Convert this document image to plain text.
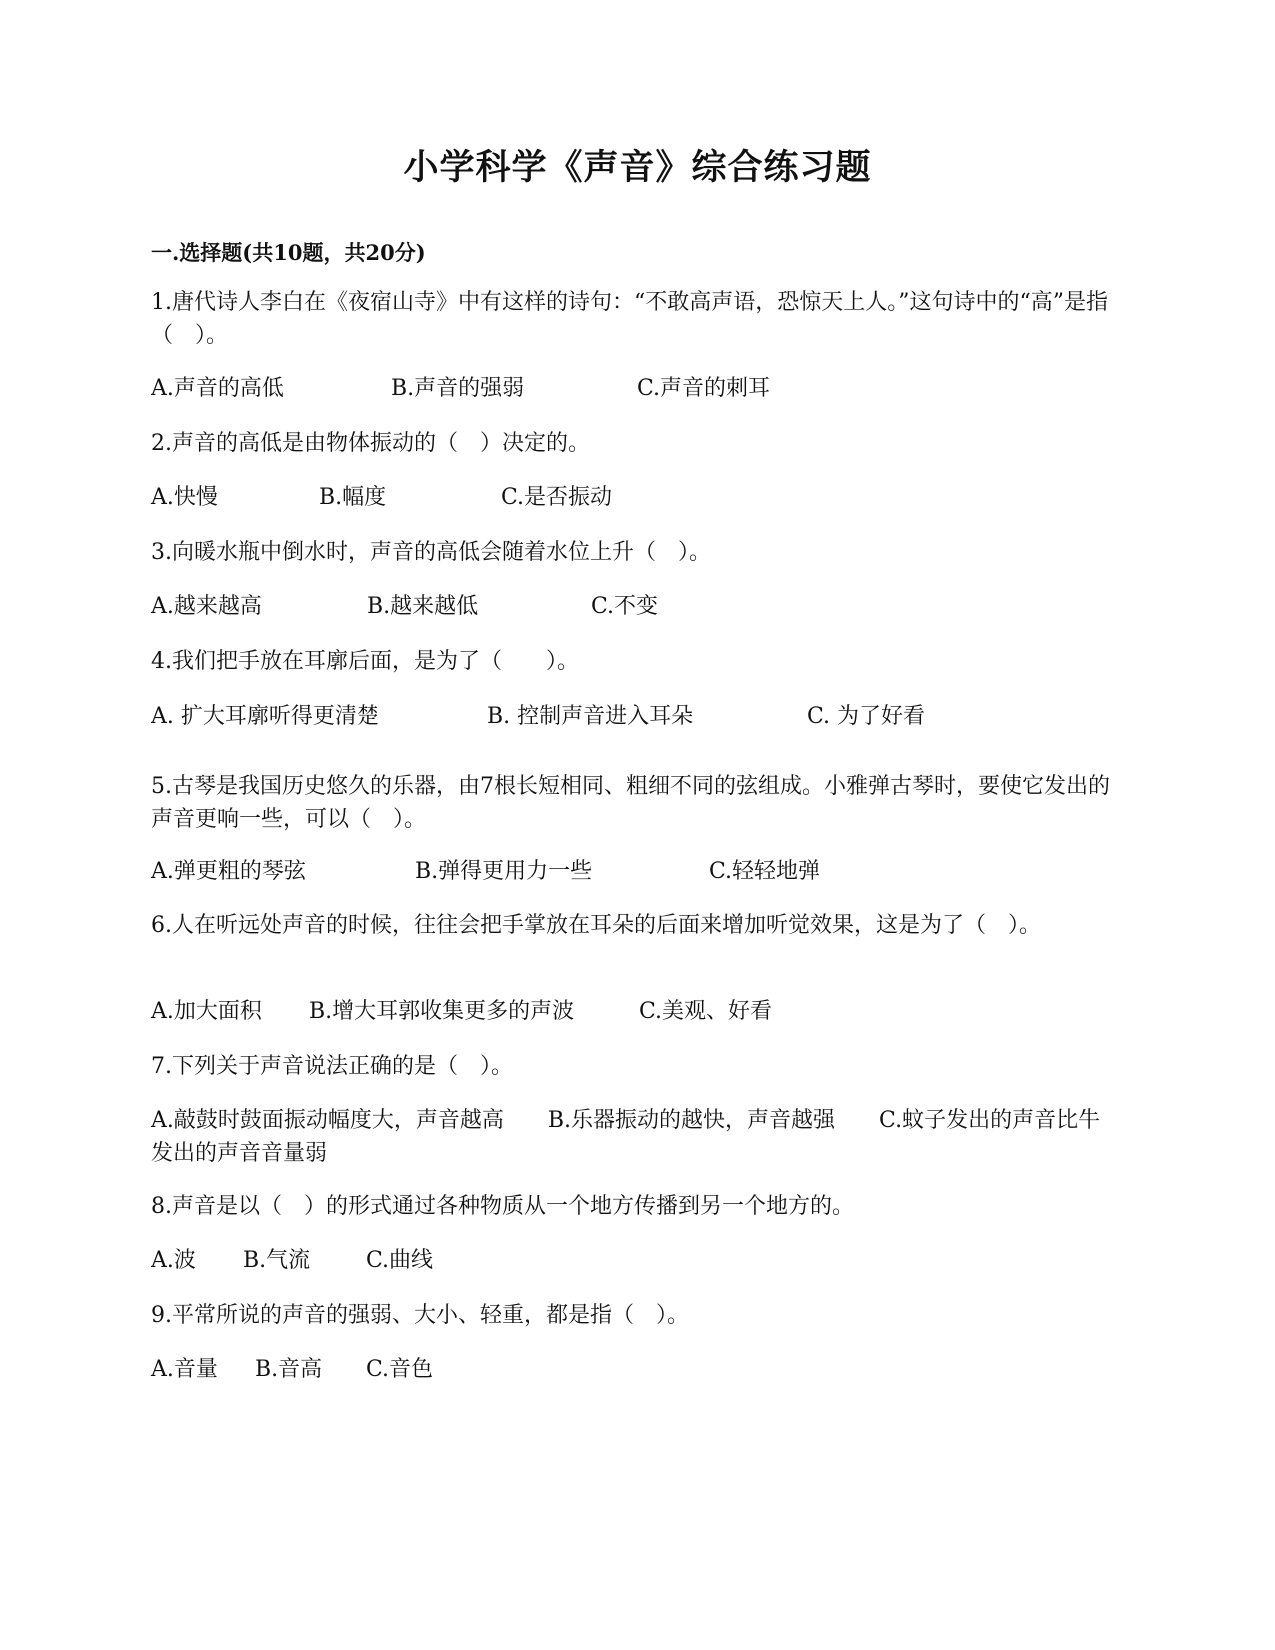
小学科学《声音》综合练习题
一.选择题(共10题，共20分)
1.唐代诗人李白在《夜宿山寺》中有这样的诗句：“不敢高声语，恐惊天上人。”这句诗中的“高”是指（　）。
A.声音的高低	B.声音的强弱	C.声音的刺耳
2.声音的高低是由物体振动的（　）决定的。
A.快慢	B.幅度	C.是否振动
3.向暖水瓶中倒水时，声音的高低会随着水位上升（　）。
A.越来越高	B.越来越低	C.不变
4.我们把手放在耳廓后面，是为了（　　）。
A. 扩大耳廓听得更清楚	B. 控制声音进入耳朵	C. 为了好看
5.古琴是我国历史悠久的乐器，由7根长短相同、粗细不同的弦组成。小雅弹古琴时，要使它发出的声音更响一些，可以（　）。
A.弹更粗的琴弦	B.弹得更用力一些	C.轻轻地弹
6.人在听远处声音的时候，往往会把手掌放在耳朵的后面来增加听觉效果，这是为了（　）。
A.加大面积 B.增大耳郭收集更多的声波	C.美观、好看
7.下列关于声音说法正确的是（　）。
A.敲鼓时鼓面振动幅度大，声音越高　　B.乐器振动的越快，声音越强　　C.蚊子发出的声音比牛发出的声音音量弱
8.声音是以（　）的形式通过各种物质从一个地方传播到另一个地方的。
A.波 B.气流	C.曲线
9.平常所说的声音的强弱、大小、轻重，都是指（　）。
A.音量 B.音高 C.音色
